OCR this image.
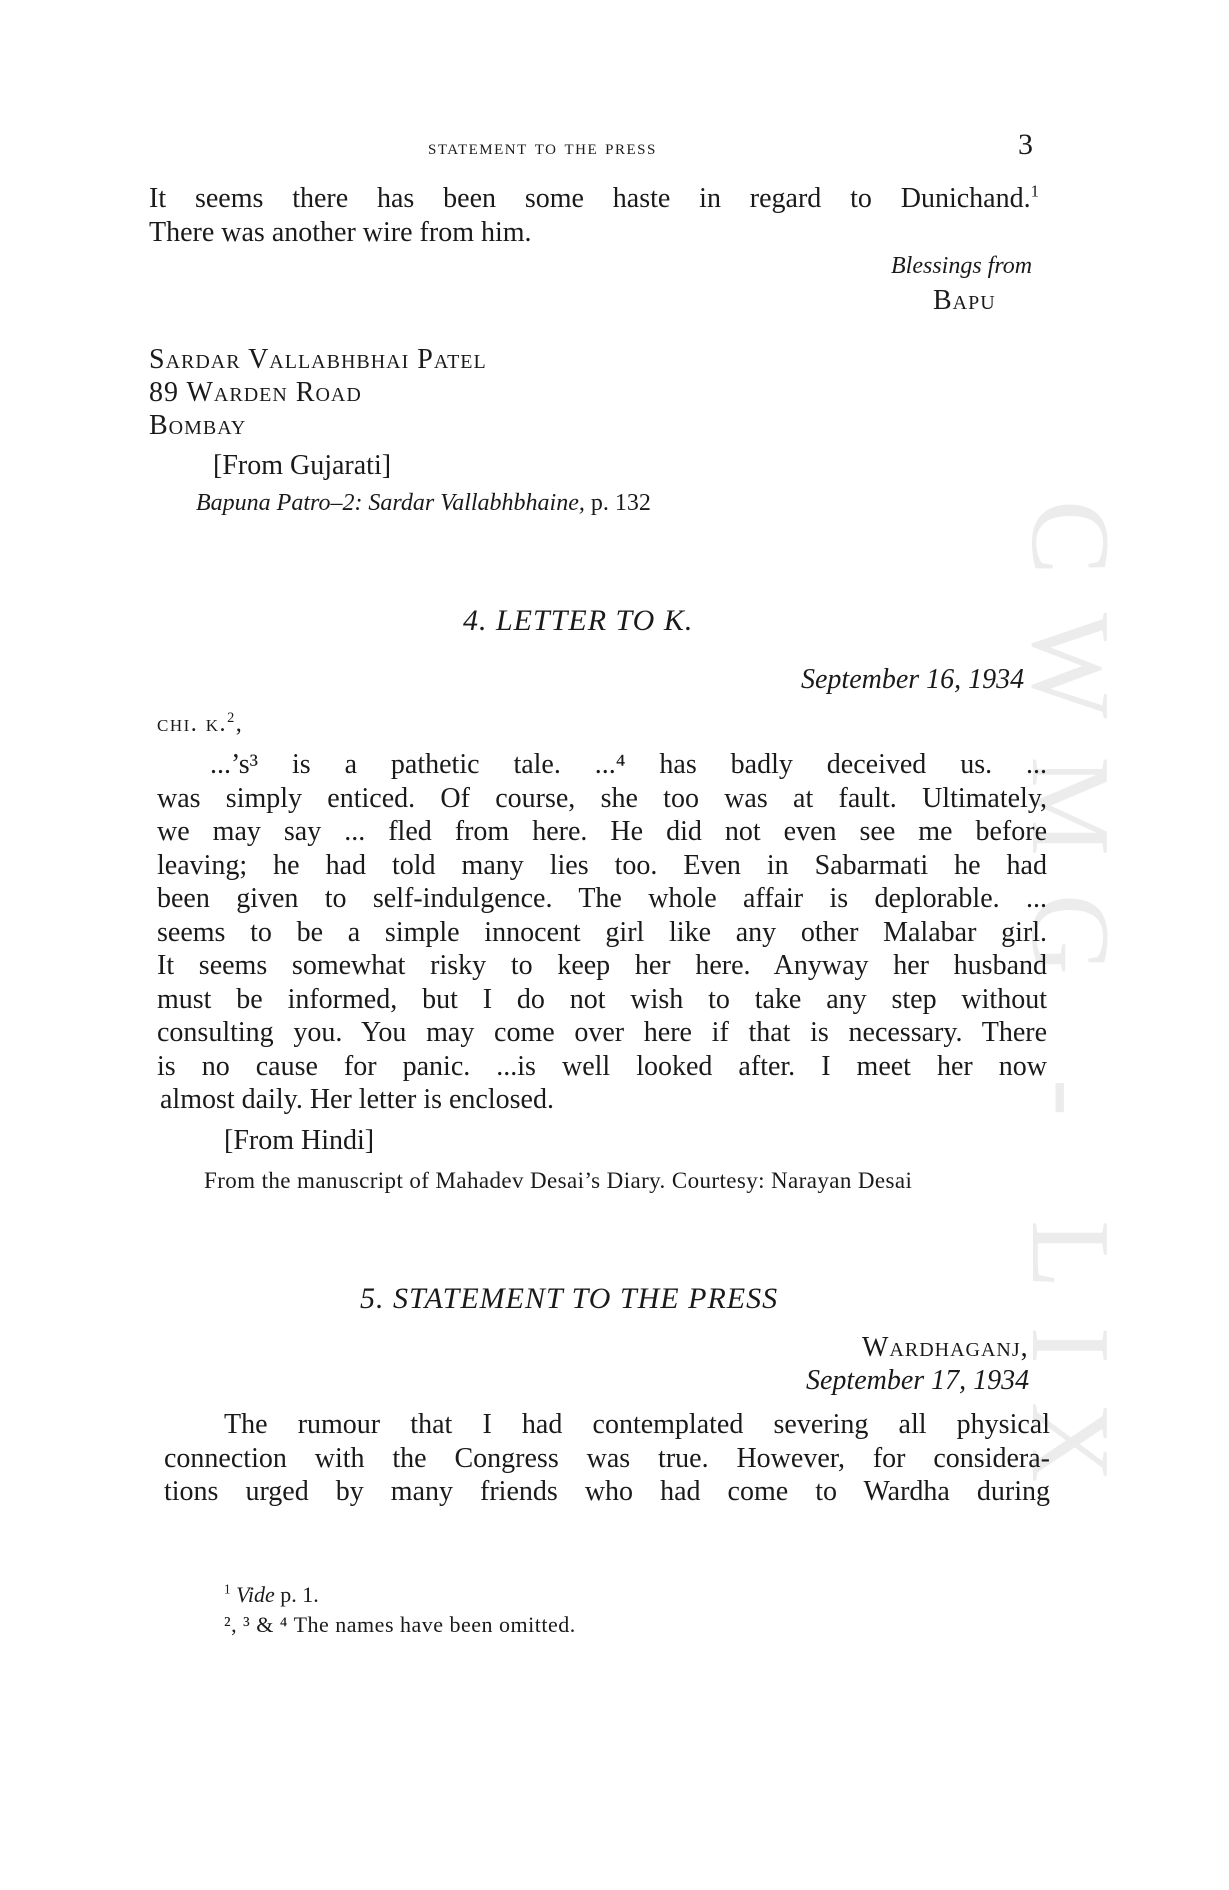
CWMG - LIX
statement to the press	3
It seems there has been some haste in regard to Dunichand.$^1$
There was another wire from him.
Blessings from
Bapu
Sardar Vallabhbhai Patel
89 Warden Road
Bombay
[From Gujarati]
Bapuna Patro–2: Sardar Vallabhbhaine, p. 132
4. LETTER TO K.
September 16, 1934
chi. k.$^2$,
...’s³ is a pathetic tale. ...⁴ has badly deceived us. ...
was simply enticed. Of course, she too was at fault. Ultimately,
we may say ... fled from here. He did not even see me before
leaving; he had told many lies too. Even in Sabarmati he had
been given to self-indulgence. The whole affair is deplorable. ...
seems to be a simple innocent girl like any other Malabar girl.
It seems somewhat risky to keep her here. Anyway her husband
must be informed, but I do not wish to take any step without
consulting you. You may come over here if that is necessary. There
is no cause for panic. ...is well looked after. I meet her now
almost daily. Her letter is enclosed.
[From Hindi]
From the manuscript of Mahadev Desai’s Diary. Courtesy: Narayan Desai
5. STATEMENT TO THE PRESS
Wardhaganj,
September 17, 1934
The rumour that I had contemplated severing all physical
connection with the Congress was true. However, for considera-
tions urged by many friends who had come to Wardha during
$^1$ Vide p. 1.
², ³ & ⁴ The names have been omitted.
